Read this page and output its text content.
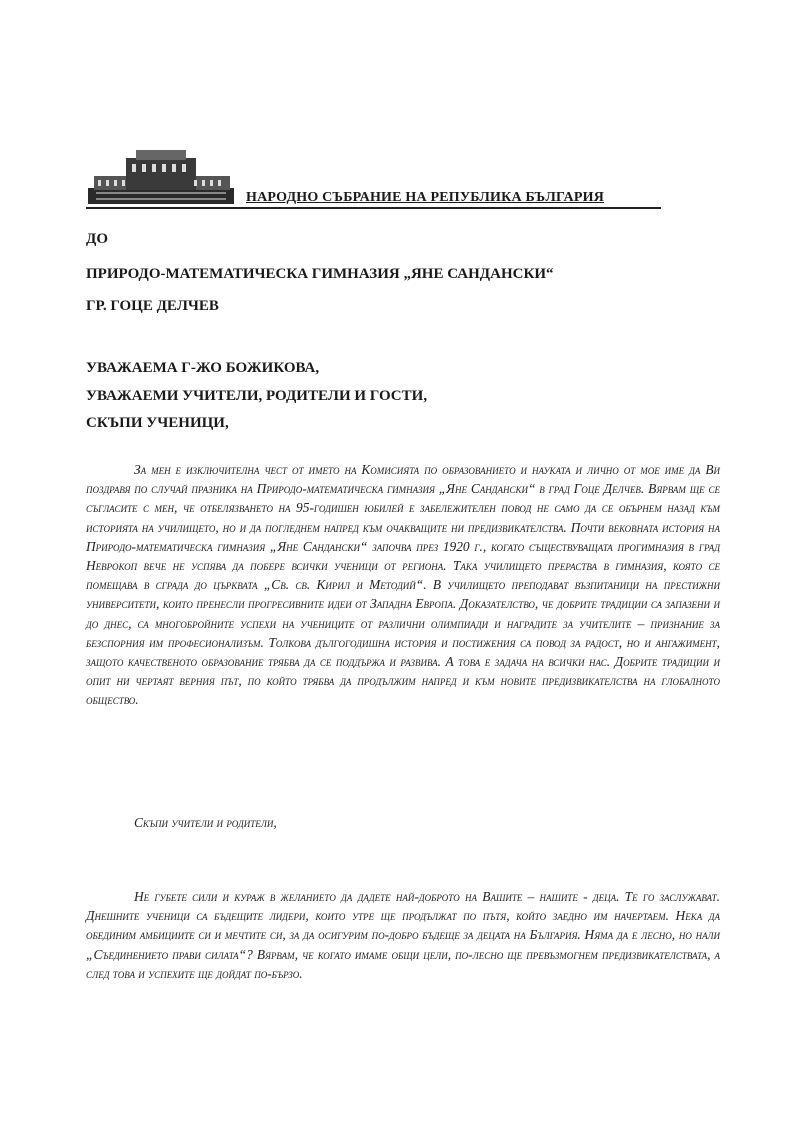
НАРОДНО СЪБРАНИЕ НА РЕПУБЛИКА БЪЛГАРИЯ
ДО
ПРИРОДО-МАТЕМАТИЧЕСКА ГИМНАЗИЯ „ЯНЕ САНДАНСКИ“
ГР. ГОЦЕ ДЕЛЧЕВ
УВАЖАЕМА Г-ЖО БОЖИКОВА,
УВАЖАЕМИ УЧИТЕЛИ, РОДИТЕЛИ И ГОСТИ,
СКЪПИ УЧЕНИЦИ,
За мен е изключителна чест от името на Комисията по образованието и науката и лично от мое име да Ви поздравя по случай празника на Природо-математическа гимназия „Яне Сандански“ в град Гоце Делчев. Вярвам ще се съгласите с мен, че отбелязването на 95-годишен юбилей е забележителен повод не само да се обърнем назад към историята на училището, но и да погледнем напред към очакващите ни предизвикателства. Почти вековната история на Природо-математическа гимназия „Яне Сандански“ започва през 1920 г., когато съществуващата прогимназия в град Неврокоп вече не успява да побере всички ученици от региона. Така училището прераства в гимназия, която се помещава в сграда до църквата „Св. св. Кирил и Методий“. В училището преподават възпитаници на престижни университети, които пренесли прогресивните идеи от Западна Европа. Доказателство, че добрите традиции са запазени и до днес, са многобройните успехи на учениците от различни олимпиади и наградите за учителите – признание за безспорния им професионализъм. Толкова дългогодишна история и постижения са повод за радост, но и ангажимент, защото качественото образование трябва да се поддържа и развива. А това е задача на всички нас. Добрите традиции и опит ни чертаят верния път, по който трябва да продължим напред и към новите предизвикателства на глобалното общество.
Скъпи учители и родители,
Не губете сили и кураж в желанието да дадете най-доброто на Вашите – нашите - деца. Те го заслужават. Днешните ученици са бъдещите лидери, които утре ще продължат по пътя, който заедно им начертаем. Нека да обединим амбициите си и мечтите си, за да осигурим по-добро бъдеще за децата на България. Няма да е лесно, но нали „Съединението прави силата“? Вярвам, че когато имаме общи цели, по-лесно ще превъзмогнем предизвикателствата, а след това и успехите ще дойдат по-бързо.
